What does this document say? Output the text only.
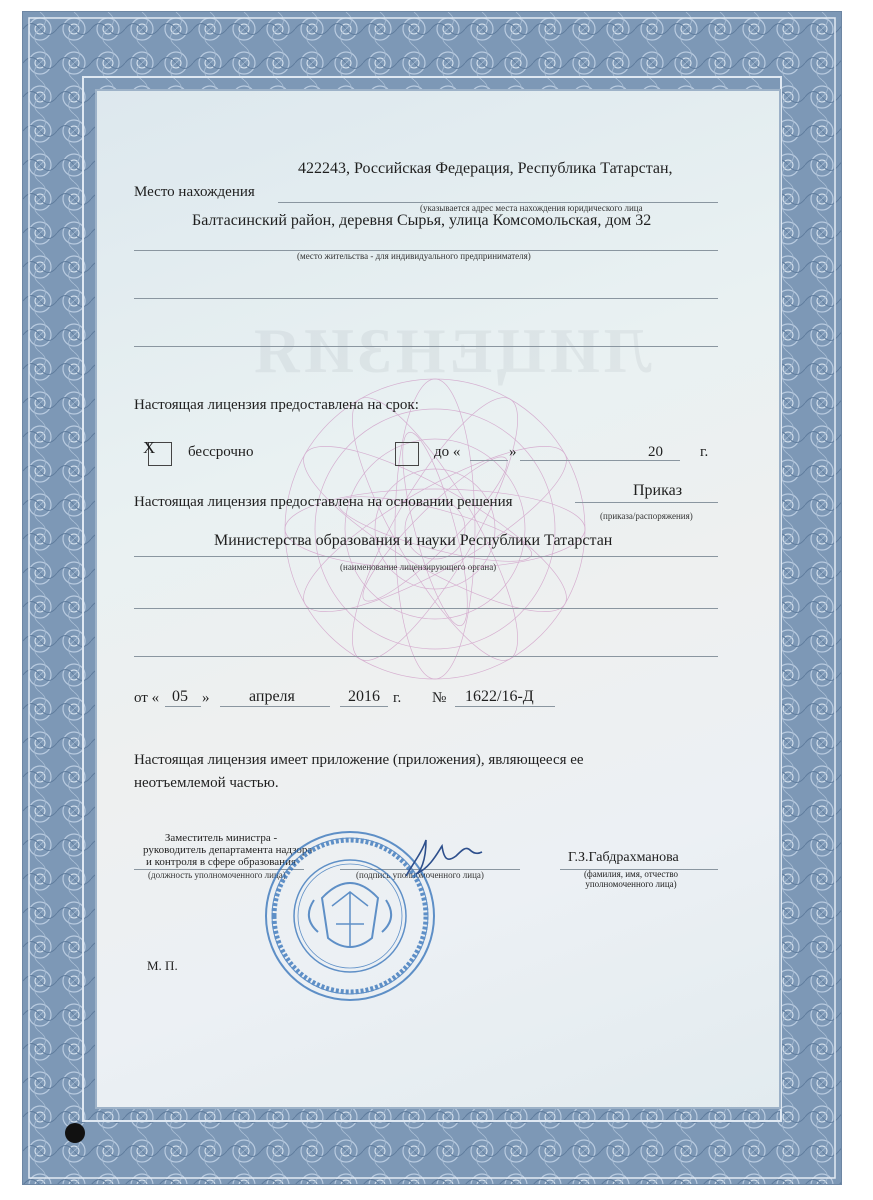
ЛИЦЕНЗИЯ
422243, Российская Федерация, Республика Татарстан,
Место нахождения
(указывается адрес места нахождения юридического лица
Балтасинский район, деревня Сырья, улица Комсомольская, дом 32
(место жительства - для индивидуального предпринимателя)
Настоящая лицензия предоставлена на срок:
Х бессрочно	до «	»	20 г.
Настоящая лицензия предоставлена на основании решения
Приказ
(приказа/распоряжения)
Министерства образования и науки Республики Татарстан
(наименование лицензирующего органа)
от « 05 » апреля	2016 г. № 1622/16-Д
Настоящая лицензия имеет приложение (приложения), являющееся ее
неотъемлемой частью.
Заместитель министра -
руководитель департамента надзора
и контроля в сфере образования
(должность уполномоченного лица)	(подпись уполномоченного лица)
Г.З.Габдрахманова
(фамилия, имя, отчество
уполномоченного лица)
М. П.
